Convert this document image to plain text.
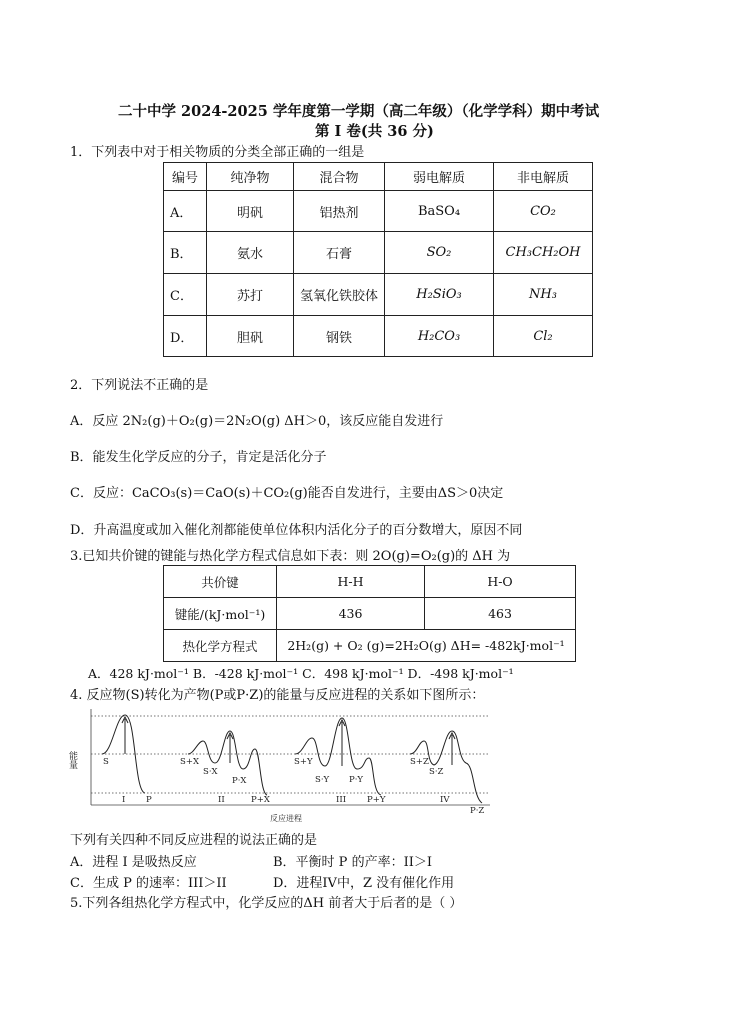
二十中学 2024-2025 学年度第一学期（高二年级）（化学学科）期中考试
第 I 卷(共 36 分)
1．下列表中对于相关物质的分类全部正确的一组是
编号	纯净物	混合物	弱电解质	非电解质
A．	明矾	铝热剂	BaSO₄	CO₂
B．	氨水	石膏	SO₂	CH₃CH₂OH
C．	苏打	氢氧化铁胶体	H₂SiO₃	NH₃
D．	胆矾	钢铁	H₂CO₃	Cl₂
2．下列说法不正确的是
A．反应 2N₂(g)＋O₂(g)＝2N₂O(g) ΔH＞0，该反应能自发进行
B．能发生化学反应的分子，肯定是活化分子
C．反应：CaCO₃(s)＝CaO(s)＋CO₂(g)能否自发进行，主要由ΔS＞0决定
D．升高温度或加入催化剂都能使单位体积内活化分子的百分数增大，原因不同
3.已知共价键的键能与热化学方程式信息如下表：则 2O(g)=O₂(g)的 ΔH 为
共价键	H-H	H-O
键能/(kJ·mol⁻¹)	436	463
热化学方程式	2H₂(g) + O₂ (g)=2H₂O(g) ΔH= -482kJ·mol⁻¹	
A．428 kJ·mol⁻¹ B．-428 kJ·mol⁻¹ C．498 kJ·mol⁻¹ D．-498 kJ·mol⁻¹
4. 反应物(S)转化为产物(P或P·Z)的能量与反应进程的关系如下图所示：
能量	S
I P
S+X
S·X
P·X
II	P+X
S+Y
S·Y P·Y
III P+Y
S+Z
S·Z
IV
P·Z
反应进程
下列有关四种不同反应进程的说法正确的是
A．进程 I 是吸热反应	B．平衡时 P 的产率：II＞I
C．生成 P 的速率：III＞II	D．进程IV中，Z 没有催化作用
5.下列各组热化学方程式中，化学反应的ΔH 前者大于后者的是（ ）
